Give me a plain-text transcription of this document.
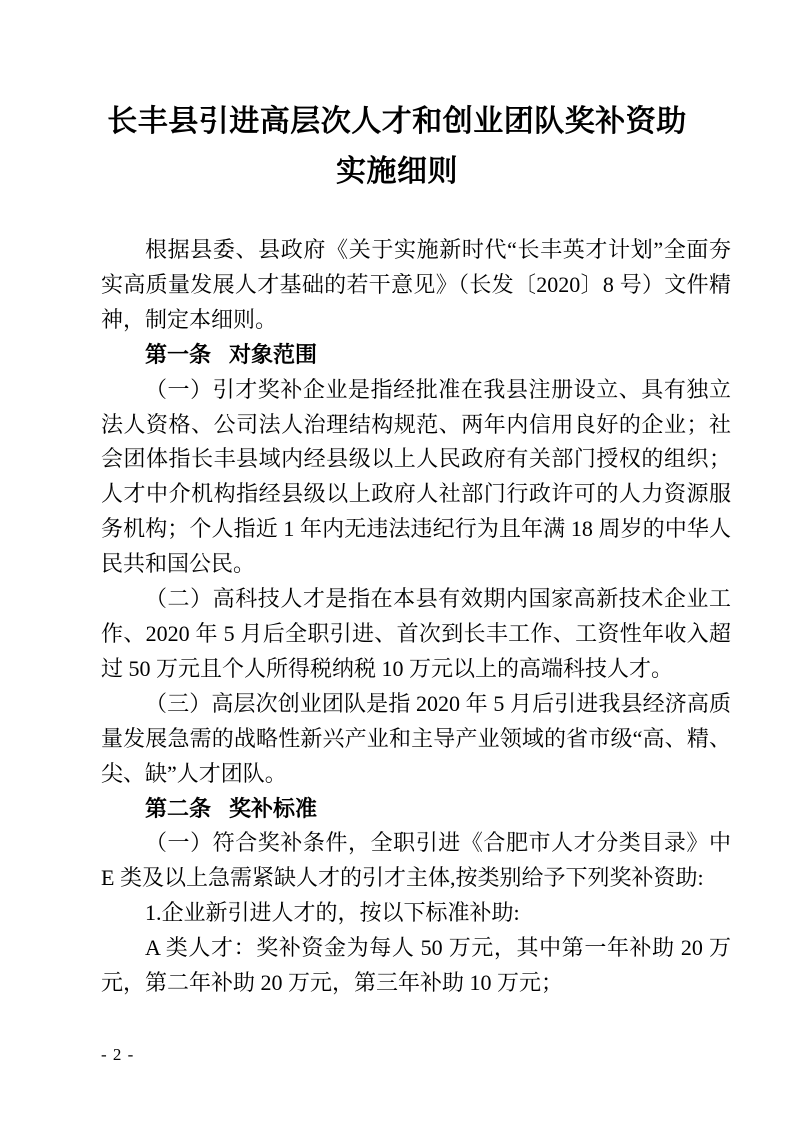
长丰县引进高层次人才和创业团队奖补资助
实施细则

根据县委、县政府《关于实施新时代“长丰英才计划”全面夯实高质量发展人才基础的若干意见》（长发〔2020〕8 号）文件精神，制定本细则。

第一条 对象范围

（一）引才奖补企业是指经批准在我县注册设立、具有独立法人资格、公司法人治理结构规范、两年内信用良好的企业；社会团体指长丰县域内经县级以上人民政府有关部门授权的组织；人才中介机构指经县级以上政府人社部门行政许可的人力资源服务机构；个人指近 1 年内无违法违纪行为且年满 18 周岁的中华人民共和国公民。

（二）高科技人才是指在本县有效期内国家高新技术企业工作、2020 年 5 月后全职引进、首次到长丰工作、工资性年收入超过 50 万元且个人所得税纳税 10 万元以上的高端科技人才。

（三）高层次创业团队是指 2020 年 5 月后引进我县经济高质量发展急需的战略性新兴产业和主导产业领域的省市级“高、精、尖、缺”人才团队。

第二条 奖补标准

（一）符合奖补条件，全职引进《合肥市人才分类目录》中 E 类及以上急需紧缺人才的引才主体,按类别给予下列奖补资助:

1.企业新引进人才的，按以下标准补助:

A 类人才：奖补资金为每人 50 万元，其中第一年补助 20 万元，第二年补助 20 万元，第三年补助 10 万元；

- 2 -
